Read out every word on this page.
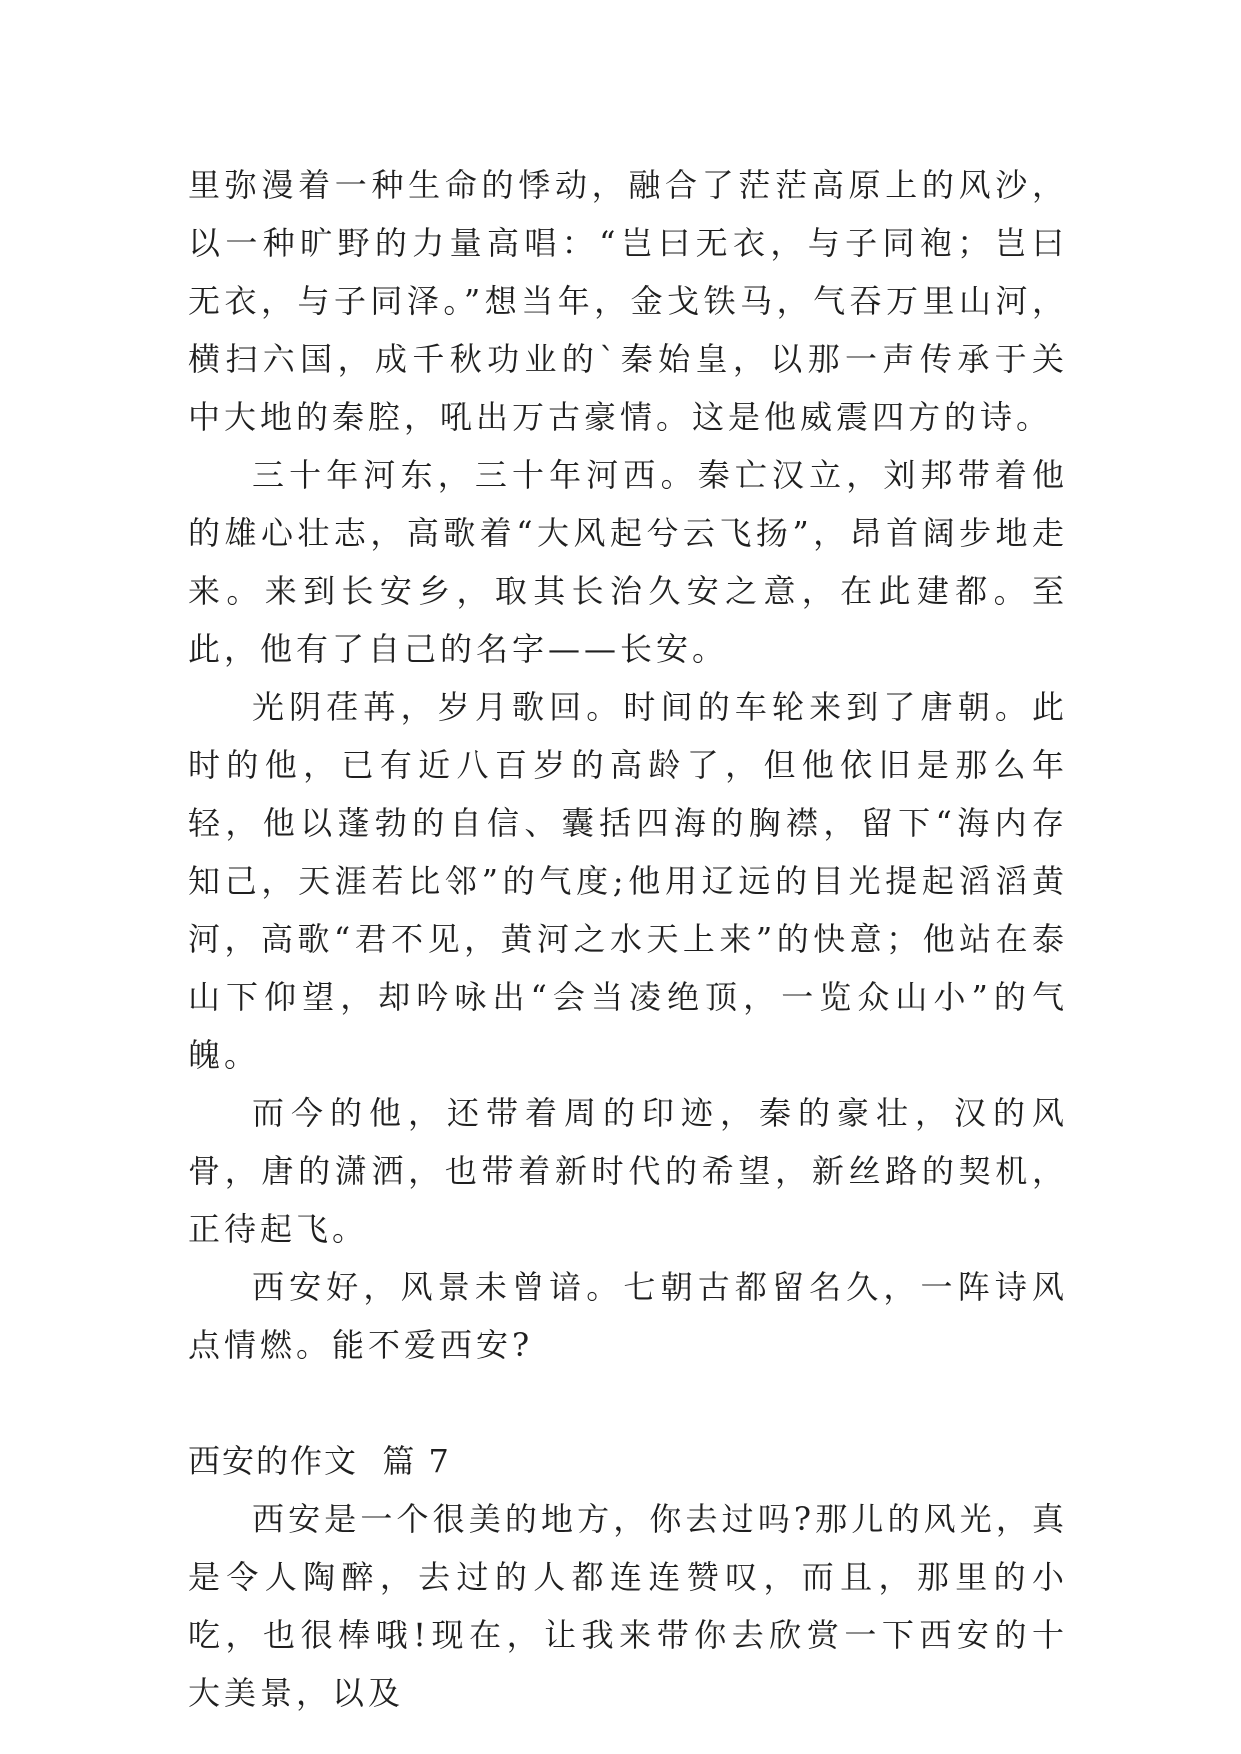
里弥漫着一种生命的悸动，融合了茫茫高原上的风沙，以一种旷野的力量高唱：“岂曰无衣，与子同袍；岂曰无衣，与子同泽。”想当年，金戈铁马，气吞万里山河，横扫六国，成千秋功业的`秦始皇，以那一声传承于关中大地的秦腔，吼出万古豪情。这是他威震四方的诗。

三十年河东，三十年河西。秦亡汉立，刘邦带着他的雄心壮志，高歌着“大风起兮云飞扬”，昂首阔步地走来。来到长安乡，取其长治久安之意，在此建都。至此，他有了自己的名字——长安。

光阴荏苒，岁月歌回。时间的车轮来到了唐朝。此时的他，已有近八百岁的高龄了，但他依旧是那么年轻，他以蓬勃的自信、囊括四海的胸襟，留下“海内存知己，天涯若比邻”的气度;他用辽远的目光提起滔滔黄河，高歌“君不见，黄河之水天上来”的快意；他站在泰山下仰望，却吟咏出“会当凌绝顶，一览众山小”的气魄。

而今的他，还带着周的印迹，秦的豪壮，汉的风骨，唐的潇洒，也带着新时代的希望，新丝路的契机，正待起飞。

西安好，风景未曾谙。七朝古都留名久，一阵诗风点情燃。能不爱西安?

西安的作文  篇 7

西安是一个很美的地方，你去过吗?那儿的风光，真是令人陶醉，去过的人都连连赞叹，而且，那里的小吃，也很棒哦!现在，让我来带你去欣赏一下西安的十大美景，以及
